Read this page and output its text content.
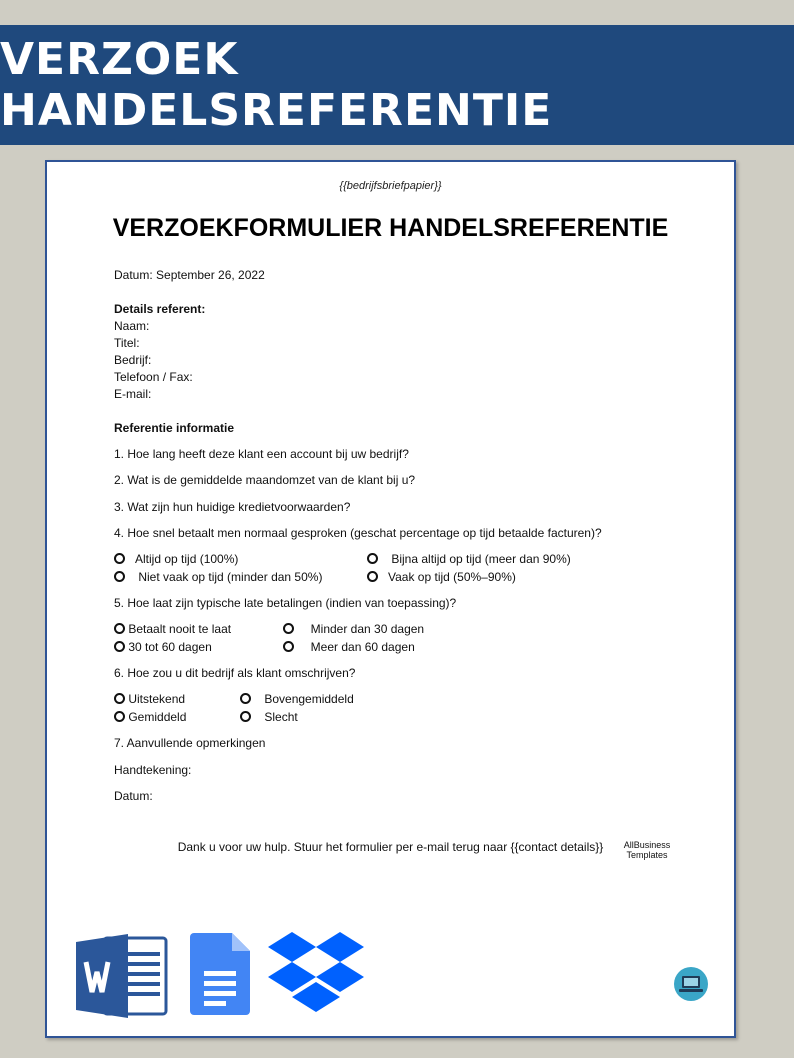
VERZOEK HANDELSREFERENTIE
{{bedrijfsbriefpapier}}
VERZOEKFORMULIER HANDELSREFERENTIE
Datum: September 26, 2022
Details referent:
Naam:
Titel:
Bedrijf:
Telefoon / Fax:
E-mail:
Referentie informatie
1. Hoe lang heeft deze klant een account bij uw bedrijf?
2. Wat is de gemiddelde maandomzet van de klant bij u?
3. Wat zijn hun huidige kredietvoorwaarden?
4. Hoe snel betaalt men normaal gesproken (geschat percentage op tijd betaalde facturen)?
Altijd op tijd (100%)	Bijna altijd op tijd (meer dan 90%)
Niet vaak op tijd (minder dan 50%)	Vaak op tijd (50%–90%)
5. Hoe laat zijn typische late betalingen (indien van toepassing)?
Betaalt nooit te laat	Minder dan 30 dagen
30 tot 60 dagen	Meer dan 60 dagen
6. Hoe zou u dit bedrijf als klant omschrijven?
Uitstekend	Bovengemiddeld
Gemiddeld	Slecht
7. Aanvullende opmerkingen
Handtekening:
Datum:
Dank u voor uw hulp. Stuur het formulier per e-mail terug naar {{contact details}}	AllBusiness
Templates
